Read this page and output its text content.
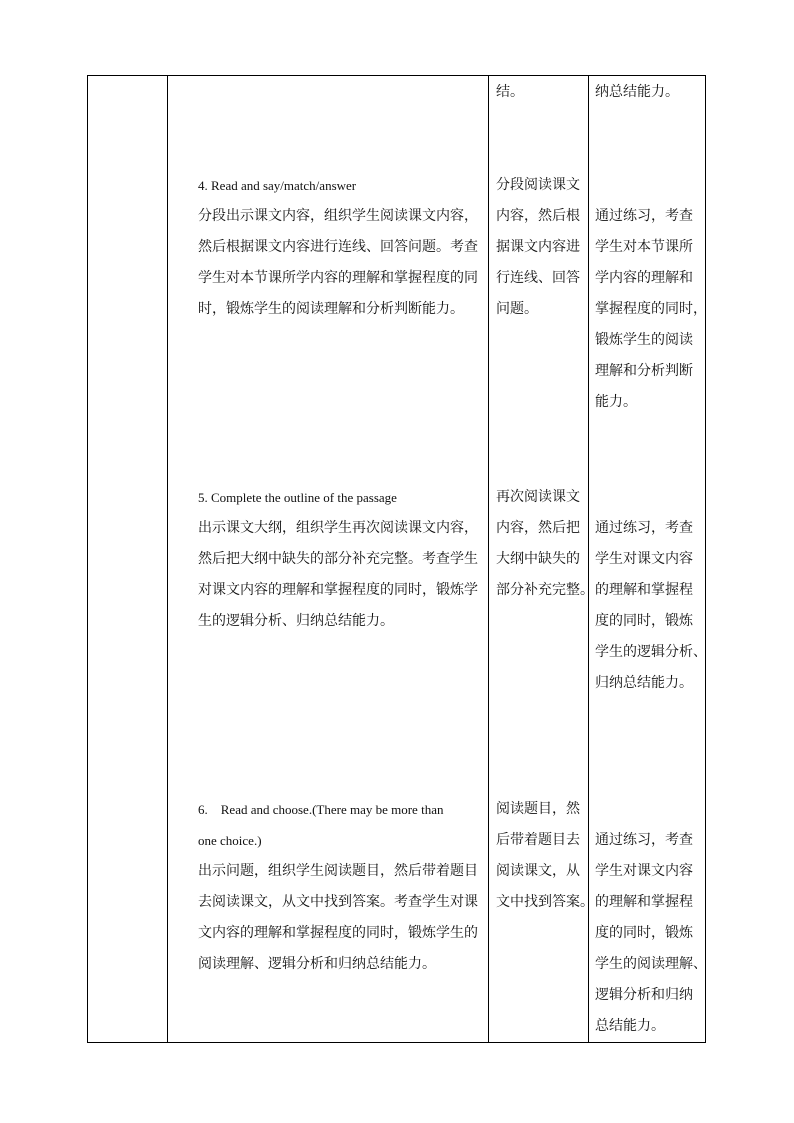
结。	纳总结能力。
4. Read and say/match/answer
分段出示课文内容，组织学生阅读课文内容，
然后根据课文内容进行连线、回答问题。考查
学生对本节课所学内容的理解和掌握程度的同
时，锻炼学生的阅读理解和分析判断能力。
分段阅读课文
内容，然后根
据课文内容进
行连线、回答
问题。
通过练习，考查
学生对本节课所
学内容的理解和
掌握程度的同时，
锻炼学生的阅读
理解和分析判断
能力。
5. Complete the outline of the passage
出示课文大纲，组织学生再次阅读课文内容，
然后把大纲中缺失的部分补充完整。考查学生
对课文内容的理解和掌握程度的同时，锻炼学
生的逻辑分析、归纳总结能力。
再次阅读课文
内容，然后把
大纲中缺失的
部分补充完整。
通过练习，考查
学生对课文内容
的理解和掌握程
度的同时，锻炼
学生的逻辑分析、
归纳总结能力。
6.    Read and choose.(There may be more than
one choice.)
出示问题，组织学生阅读题目，然后带着题目
去阅读课文，从文中找到答案。考查学生对课
文内容的理解和掌握程度的同时，锻炼学生的
阅读理解、逻辑分析和归纳总结能力。
阅读题目，然
后带着题目去
阅读课文，从
文中找到答案。
通过练习，考查
学生对课文内容
的理解和掌握程
度的同时，锻炼
学生的阅读理解、
逻辑分析和归纳
总结能力。
